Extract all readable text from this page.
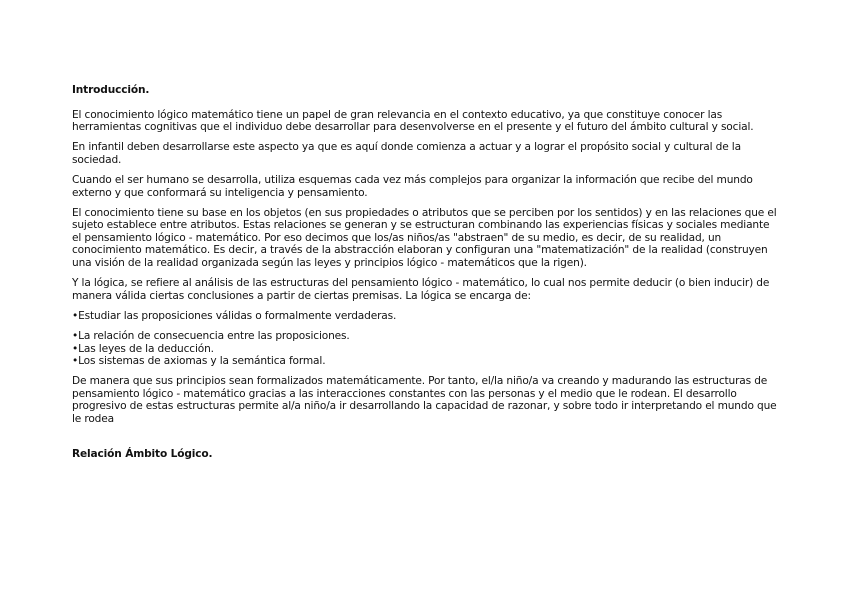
Introducción.

El conocimiento lógico matemático tiene un papel de gran relevancia en el contexto educativo, ya que constituye conocer las herramientas cognitivas que el individuo debe desarrollar para desenvolverse en el presente y el futuro del ámbito cultural y social.

En infantil deben desarrollarse este aspecto ya que es aquí donde comienza a actuar y a lograr el propósito social y cultural de la sociedad.

Cuando el ser humano se desarrolla, utiliza esquemas cada vez más complejos para organizar la información que recibe del mundo externo y que conformará su inteligencia y pensamiento.

El conocimiento tiene su base en los objetos (en sus propiedades o atributos que se perciben por los sentidos) y en las relaciones que el sujeto establece entre atributos. Estas relaciones se generan y se estructuran combinando las experiencias físicas y sociales mediante el pensamiento lógico - matemático. Por eso decimos que los/as niños/as "abstraen" de su medio, es decir, de su realidad, un conocimiento matemático. Es decir, a través de la abstracción elaboran y configuran una "matematización" de la realidad (construyen una visión de la realidad organizada según las leyes y principios lógico - matemáticos que la rigen).

Y la lógica, se refiere al análisis de las estructuras del pensamiento lógico - matemático, lo cual nos permite deducir (o bien inducir) de manera válida ciertas conclusiones a partir de ciertas premisas. La lógica se encarga de:

•Estudiar las proposiciones válidas o formalmente verdaderas.

•La relación de consecuencia entre las proposiciones.
•Las leyes de la deducción.
•Los sistemas de axiomas y la semántica formal.

De manera que sus principios sean formalizados matemáticamente. Por tanto, el/la niño/a va creando y madurando las estructuras de pensamiento lógico - matemático gracias a las interacciones constantes con las personas y el medio que le rodean. El desarrollo progresivo de estas estructuras permite al/a niño/a ir desarrollando la capacidad de razonar, y sobre todo ir interpretando el mundo que le rodea

Relación Ámbito Lógico.
